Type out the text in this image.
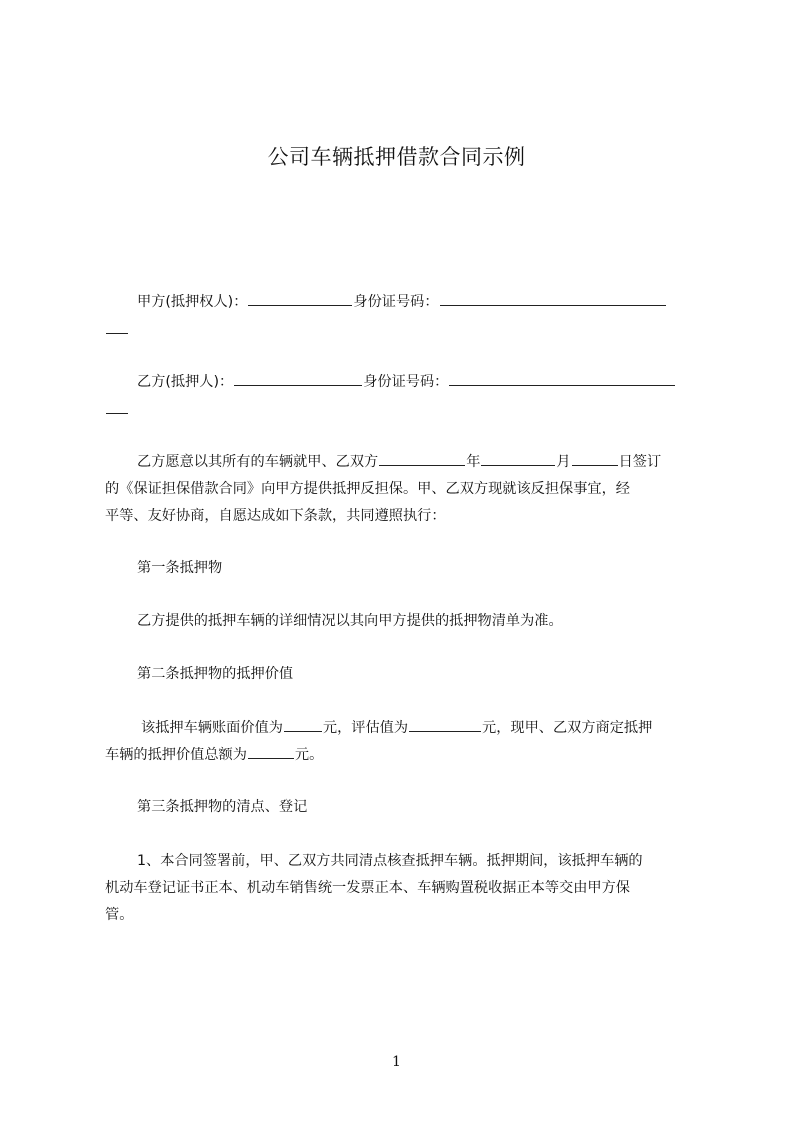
公司车辆抵押借款合同示例
甲方(抵押权人)：	身份证号码：
乙方(抵押人)：	身份证号码：
乙方愿意以其所有的车辆就甲、乙双方	年	月	日签订
的《保证担保借款合同》向甲方提供抵押反担保。甲、乙双方现就该反担保事宜，经
平等、友好协商，自愿达成如下条款，共同遵照执行：
第一条抵押物
乙方提供的抵押车辆的详细情况以其向甲方提供的抵押物清单为准。
第二条抵押物的抵押价值
该抵押车辆账面价值为	元，评估值为	元，现甲、乙双方商定抵押
车辆的抵押价值总额为	元。
第三条抵押物的清点、登记
1、本合同签署前，甲、乙双方共同清点核查抵押车辆。抵押期间，该抵押车辆的
机动车登记证书正本、机动车销售统一发票正本、车辆购置税收据正本等交由甲方保
管。
1
